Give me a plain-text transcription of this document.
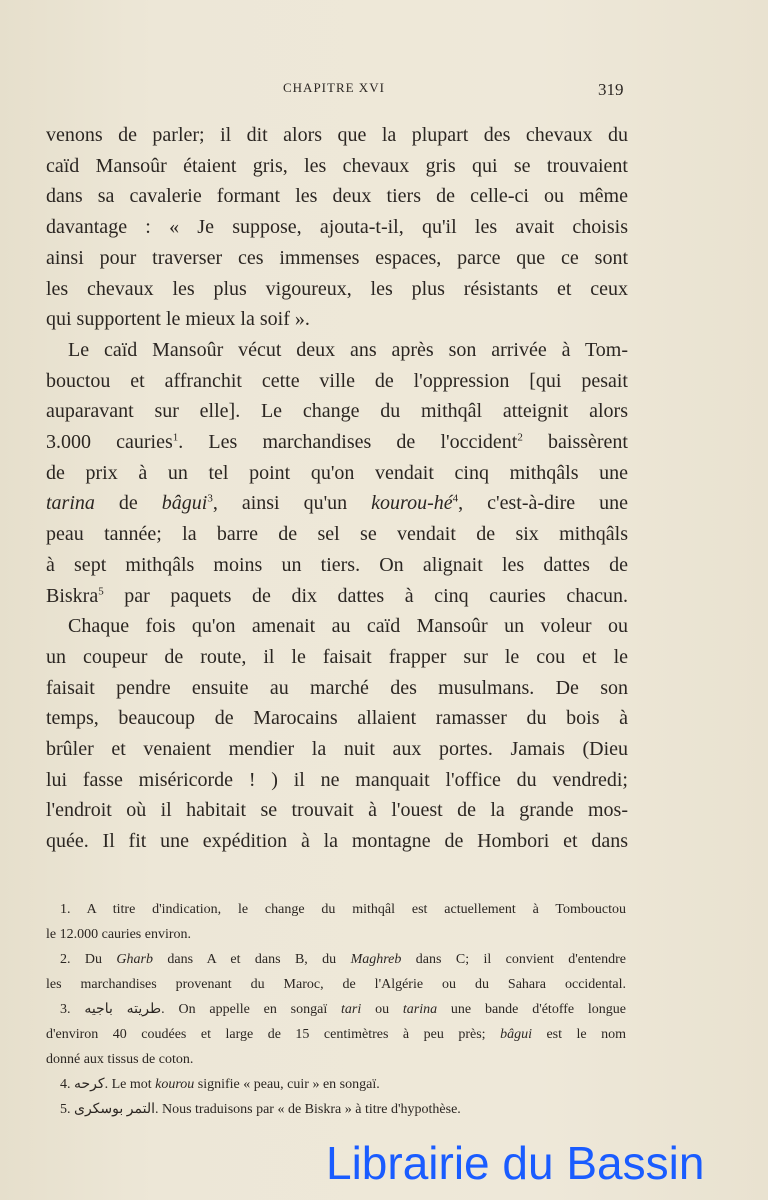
CHAPITRE XVI	319
venons de parler; il dit alors que la plupart des chevaux du
caïd Mansoûr étaient gris, les chevaux gris qui se trouvaient
dans sa cavalerie formant les deux tiers de celle-ci ou même
davantage : « Je suppose, ajouta-t-il, qu'il les avait choisis
ainsi pour traverser ces immenses espaces, parce que ce sont
les chevaux les plus vigoureux, les plus résistants et ceux
qui supportent le mieux la soif ».
Le caïd Mansoûr vécut deux ans après son arrivée à Tom-
bouctou et affranchit cette ville de l'oppression [qui pesait
auparavant sur elle]. Le change du mithqâl atteignit alors
3.000 cauries$^1$. Les marchandises de l'occident$^2$ baissèrent
de prix à un tel point qu'on vendait cinq mithqâls une
tarina de bâgui$^3$, ainsi qu'un kourou-$hé^4$, c'est-à-dire une
peau tannée; la barre de sel se vendait de six mithqâls
à sept mithqâls moins un tiers. On alignait les dattes de
Biskra$^5$ par paquets de dix dattes à cinq cauries chacun.
Chaque fois qu'on amenait au caïd Mansoûr un voleur ou
un coupeur de route, il le faisait frapper sur le cou et le
faisait pendre ensuite au marché des musulmans. De son
temps, beaucoup de Marocains allaient ramasser du bois à
brûler et venaient mendier la nuit aux portes. Jamais (Dieu
lui fasse miséricorde ! ) il ne manquait l'office du vendredi;
l'endroit où il habitait se trouvait à l'ouest de la grande mos-
quée. Il fit une expédition à la montagne de Hombori et dans
1. A titre d'indication, le change du mithqâl est actuellement à Tombouctou
le 12.000 cauries environ.
2. Du Gharb dans A et dans B, du Maghreb dans C; il convient d'entendre
les marchandises provenant du Maroc, de l'Algérie ou du Sahara occidental.
3. طريته باجيه. On appelle en songaï tari ou tarina une bande d'étoffe longue
d'environ 40 coudées et large de 15 centimètres à peu près; bâgui est le nom
donné aux tissus de coton.
4. كرحه. Le mot kourou signifie « peau, cuir » en songaï.
5. التمر بوسكرى. Nous traduisons par « de Biskra » à titre d'hypothèse.
Librairie du Bassin
